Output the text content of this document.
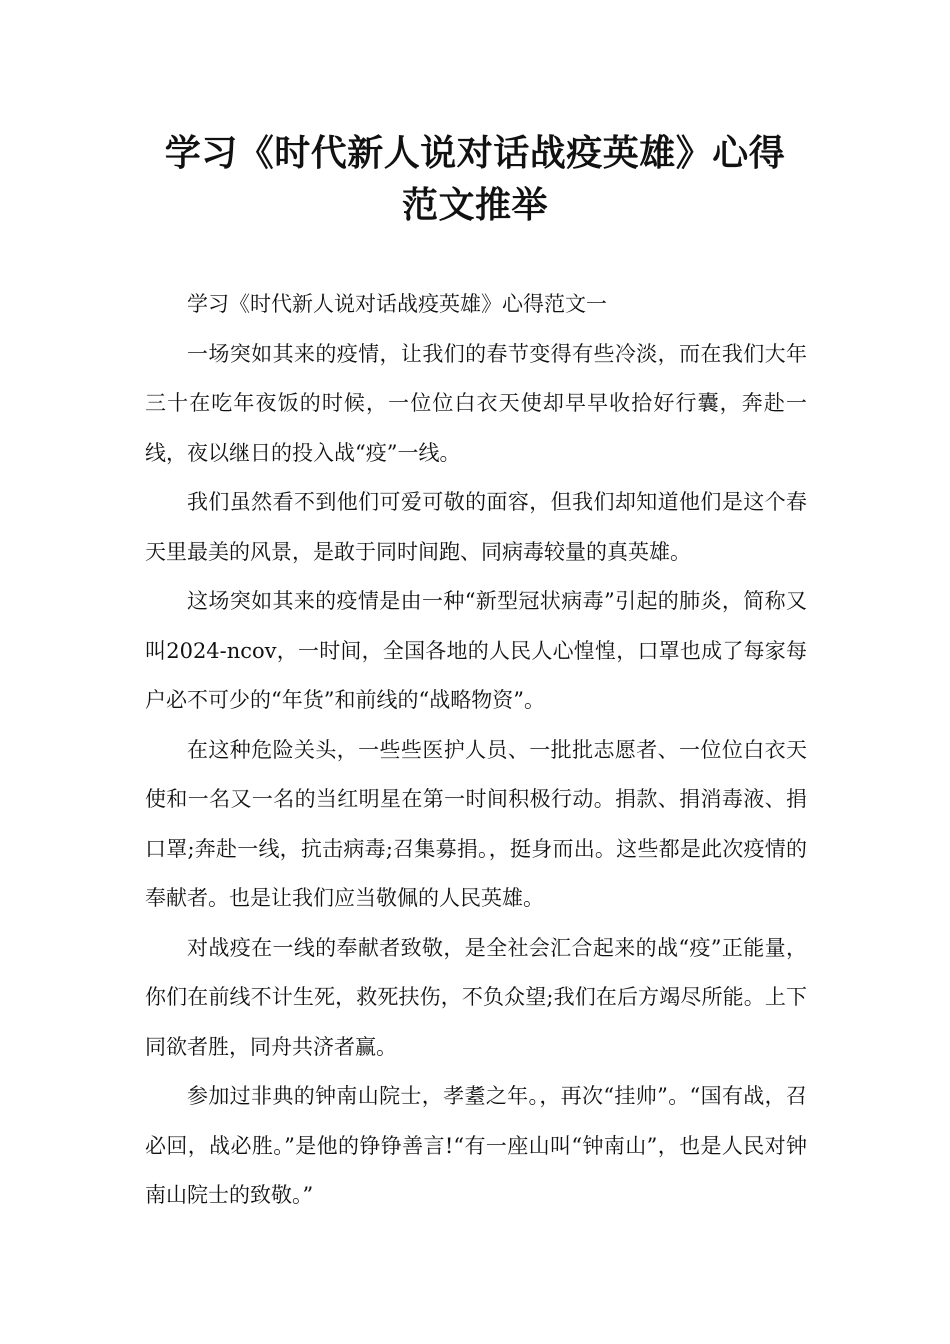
学习《时代新人说对话战疫英雄》心得
范文推举

学习《时代新人说对话战疫英雄》心得范文一

一场突如其来的疫情，让我们的春节变得有些冷淡，而在我们大年三十在吃年夜饭的时候，一位位白衣天使却早早收拾好行囊，奔赴一线，夜以继日的投入战“疫”一线。

我们虽然看不到他们可爱可敬的面容，但我们却知道他们是这个春天里最美的风景，是敢于同时间跑、同病毒较量的真英雄。

这场突如其来的疫情是由一种“新型冠状病毒”引起的肺炎，简称又叫2024-ncov，一时间，全国各地的人民人心惶惶，口罩也成了每家每户必不可少的“年货”和前线的“战略物资”。

在这种危险关头，一些些医护人员、一批批志愿者、一位位白衣天 使和一名又一名的当红明星在第一时间积极行动。捐款、捐消毒液、捐口罩;奔赴一线，抗击病毒;召集募捐。，挺身而出。这些都是此次疫情的奉献者。也是让我们应当敬佩的人民英雄。

对战疫在一线的奉献者致敬，是全社会汇合起来的战“疫”正能量，你们在前线不计生死，救死扶伤，不负众望;我们在后方竭尽所能。上下同欲者胜，同舟共济者赢。

参加过非典的钟南山院士，孝耋之年。，再次“挂帅”。“国有战，召必回，战必胜。”是他的铮铮善言!“有一座山叫“钟南山”，也是人民对钟南山院士的致敬。”
